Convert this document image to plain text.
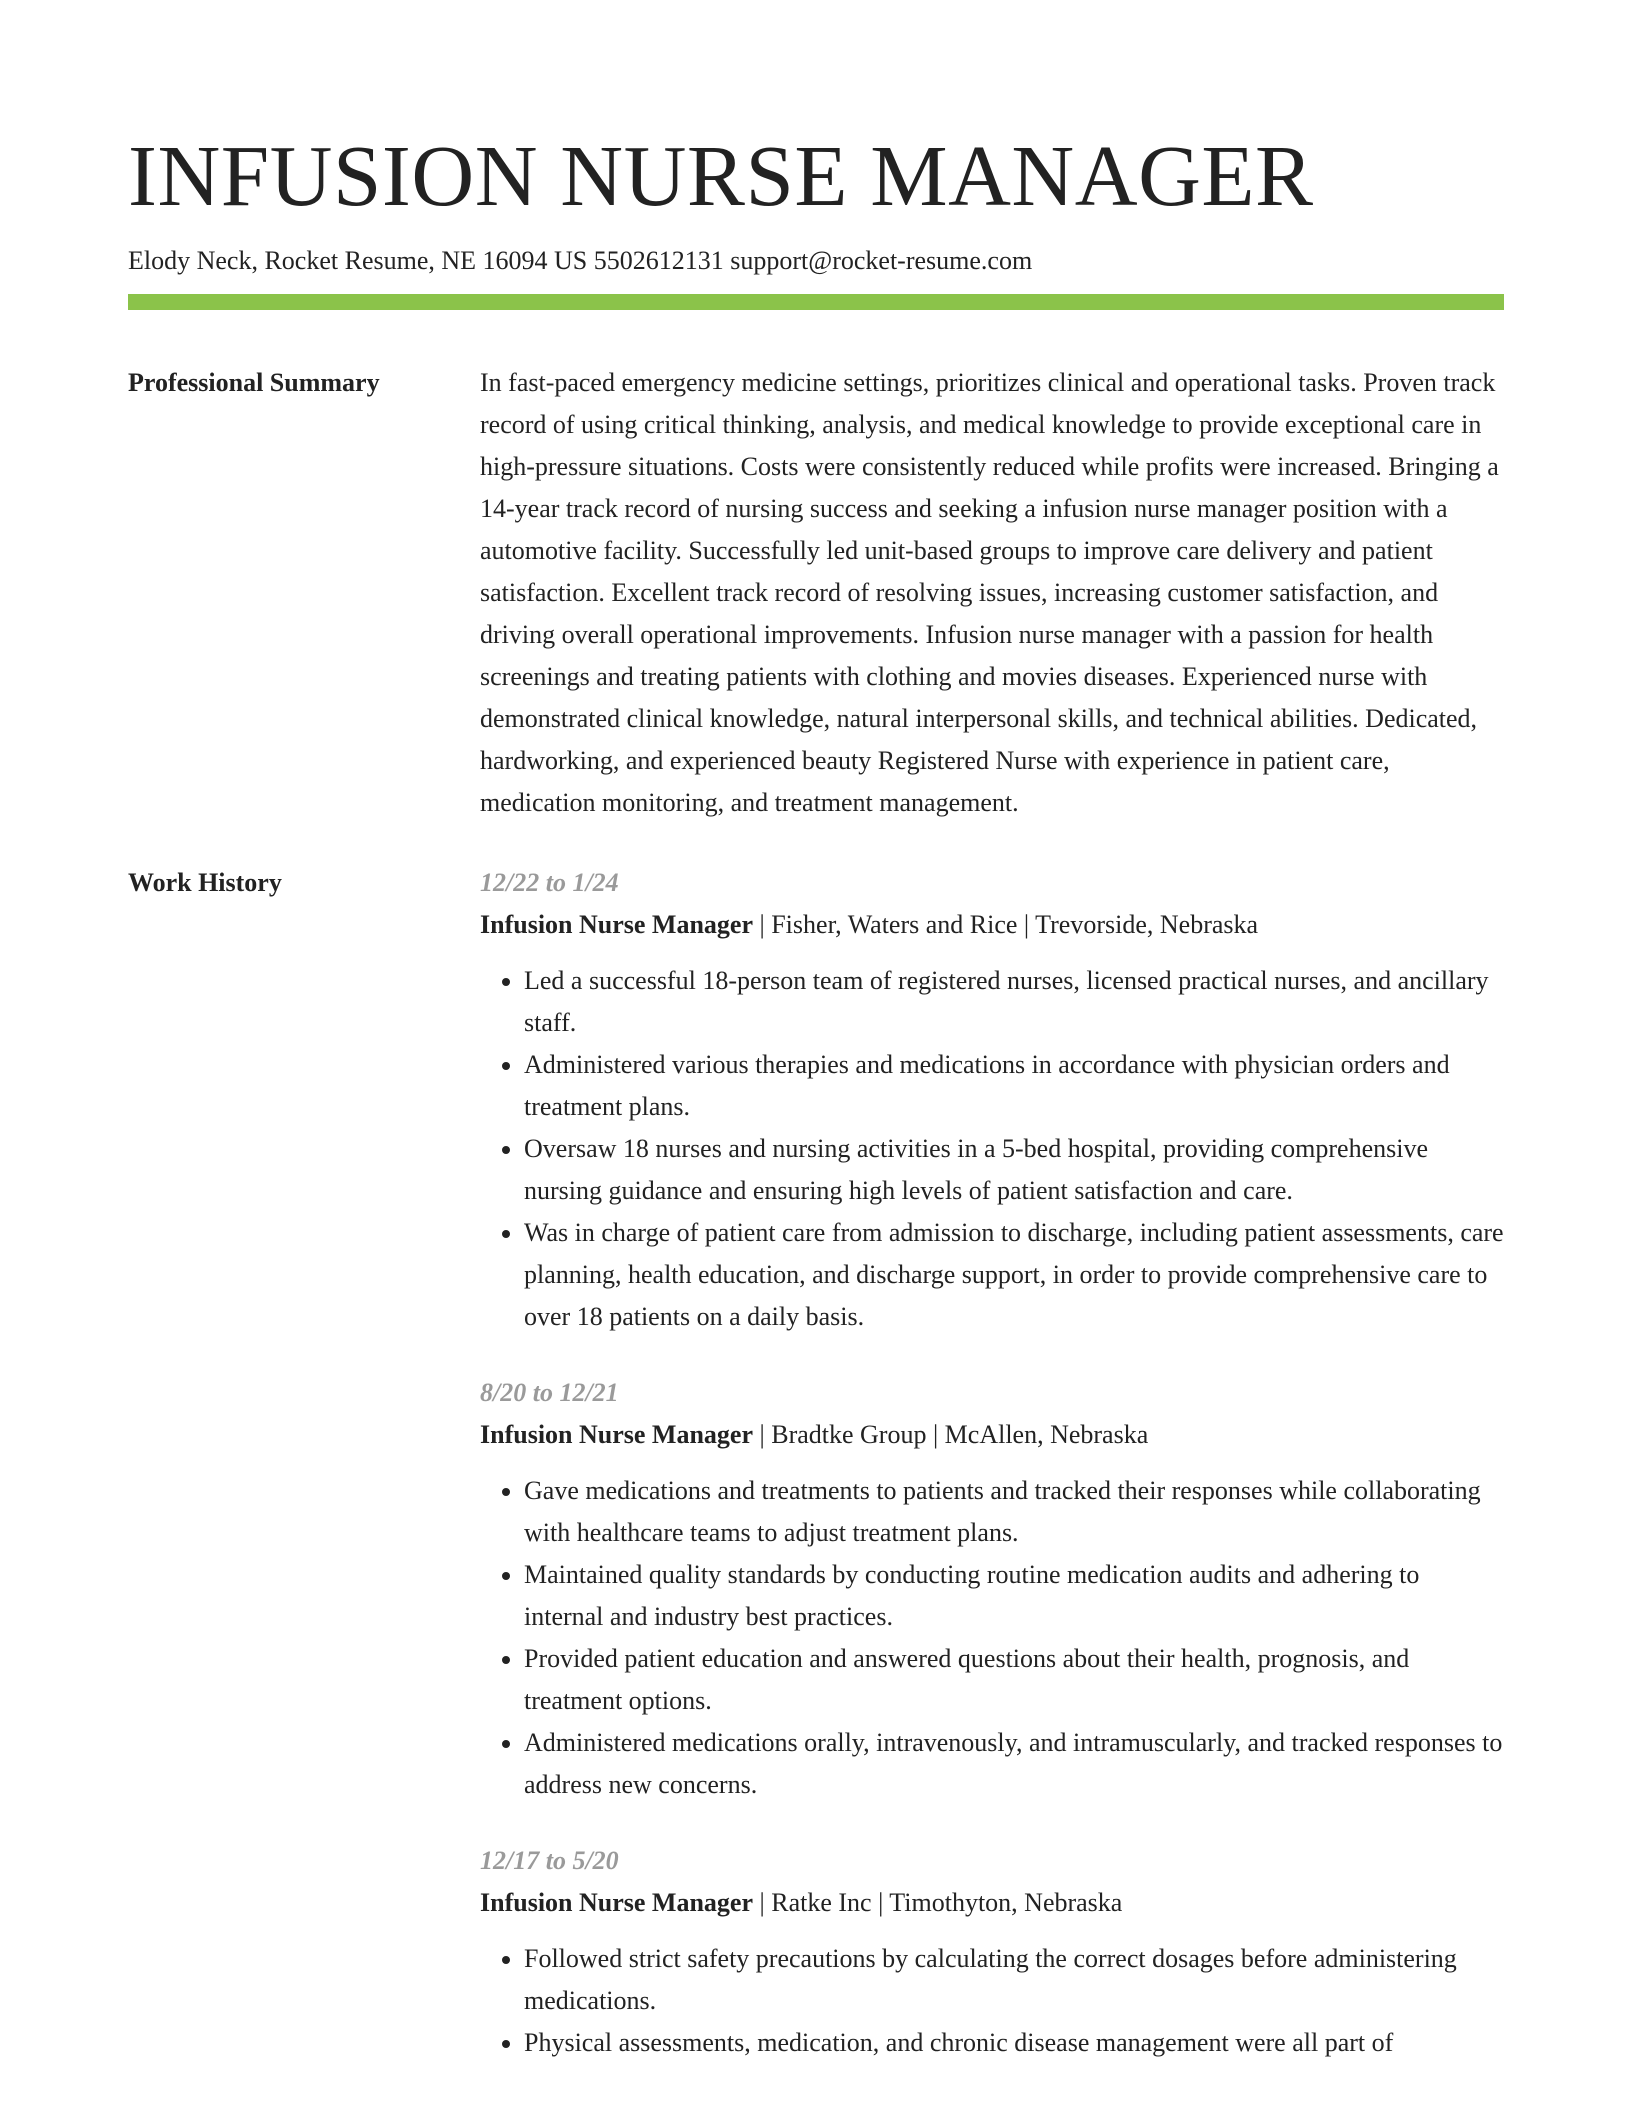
INFUSION NURSE MANAGER
Elody Neck, Rocket Resume, NE 16094 US 5502612131 support@rocket-resume.com
Professional Summary	In fast-paced emergency medicine settings, prioritizes clinical and operational tasks. Proven track record of using critical thinking, analysis, and medical knowledge to provide exceptional care in high-pressure situations. Costs were consistently reduced while profits were increased. Bringing a 14-year track record of nursing success and seeking a infusion nurse manager position with a automotive facility. Successfully led unit-based groups to improve care delivery and patient satisfaction. Excellent track record of resolving issues, increasing customer satisfaction, and driving overall operational improvements. Infusion nurse manager with a passion for health screenings and treating patients with clothing and movies diseases. Experienced nurse with demonstrated clinical knowledge, natural interpersonal skills, and technical abilities. Dedicated, hardworking, and experienced beauty Registered Nurse with experience in patient care, medication monitoring, and treatment management.

Work History	12/22 to 1/24
Infusion Nurse Manager | Fisher, Waters and Rice | Trevorside, Nebraska
• Led a successful 18-person team of registered nurses, licensed practical nurses, and ancillary staff.
• Administered various therapies and medications in accordance with physician orders and treatment plans.
• Oversaw 18 nurses and nursing activities in a 5-bed hospital, providing comprehensive nursing guidance and ensuring high levels of patient satisfaction and care.
• Was in charge of patient care from admission to discharge, including patient assessments, care planning, health education, and discharge support, in order to provide comprehensive care to over 18 patients on a daily basis.
8/20 to 12/21
Infusion Nurse Manager | Bradtke Group | McAllen, Nebraska
• Gave medications and treatments to patients and tracked their responses while collaborating with healthcare teams to adjust treatment plans.
• Maintained quality standards by conducting routine medication audits and adhering to internal and industry best practices.
• Provided patient education and answered questions about their health, prognosis, and treatment options.
• Administered medications orally, intravenously, and intramuscularly, and tracked responses to address new concerns.
12/17 to 5/20
Infusion Nurse Manager | Ratke Inc | Timothyton, Nebraska
• Followed strict safety precautions by calculating the correct dosages before administering medications.
• Physical assessments, medication, and chronic disease management were all part of
